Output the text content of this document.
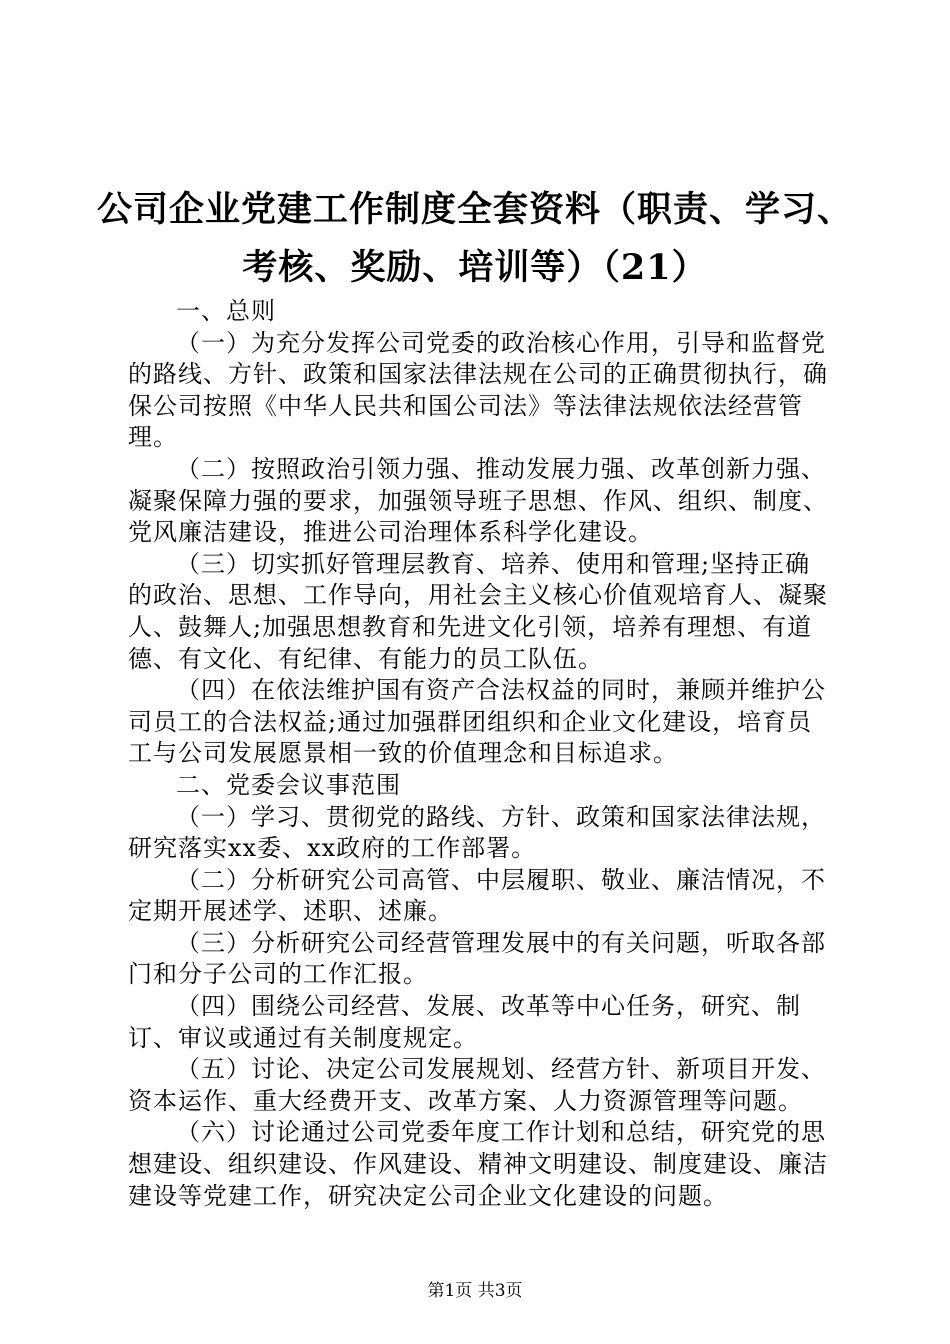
公司企业党建工作制度全套资料（职责、学习、
考核、奖励、培训等）（21）

一、总则

（一）为充分发挥公司党委的政治核心作用，引导和监督党的路线、方针、政策和国家法律法规在公司的正确贯彻执行，确保公司按照《中华人民共和国公司法》等法律法规依法经营管理。

（二）按照政治引领力强、推动发展力强、改革创新力强、凝聚保障力强的要求，加强领导班子思想、作风、组织、制度、党风廉洁建设，推进公司治理体系科学化建设。

（三）切实抓好管理层教育、培养、使用和管理;坚持正确的政治、思想、工作导向，用社会主义核心价值观培育人、凝聚人、鼓舞人;加强思想教育和先进文化引领，培养有理想、有道德、有文化、有纪律、有能力的员工队伍。

（四）在依法维护国有资产合法权益的同时，兼顾并维护公司员工的合法权益;通过加强群团组织和企业文化建设，培育员工与公司发展愿景相一致的价值理念和目标追求。

二、党委会议事范围

（一）学习、贯彻党的路线、方针、政策和国家法律法规，研究落实xx委、xx政府的工作部署。

（二）分析研究公司高管、中层履职、敬业、廉洁情况，不定期开展述学、述职、述廉。

（三）分析研究公司经营管理发展中的有关问题，听取各部门和分子公司的工作汇报。

（四）围绕公司经营、发展、改革等中心任务，研究、制订、审议或通过有关制度规定。

（五）讨论、决定公司发展规划、经营方针、新项目开发、资本运作、重大经费开支、改革方案、人力资源管理等问题。

（六）讨论通过公司党委年度工作计划和总结，研究党的思想建设、组织建设、作风建设、精神文明建设、制度建设、廉洁建设等党建工作，研究决定公司企业文化建设的问题。

第1页 共3页
